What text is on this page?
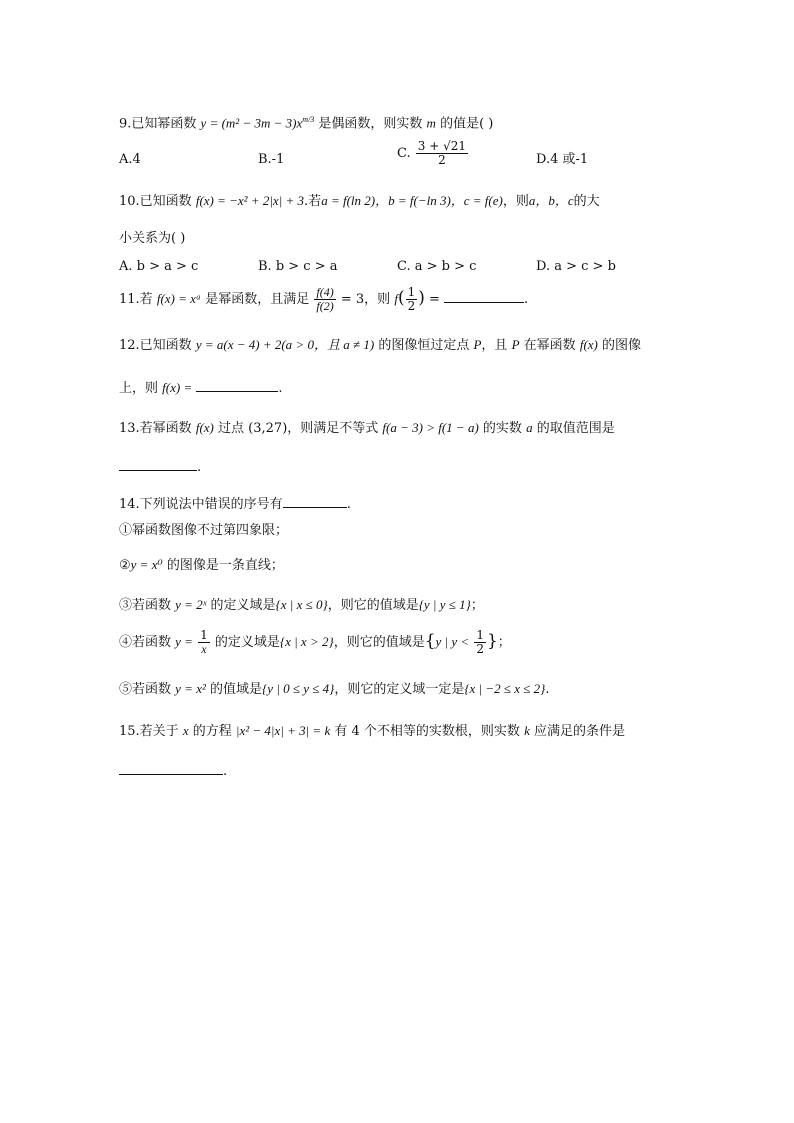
9.已知幂函数 $y = (m^2 - 3m - 3)x^{m/3}$ 是偶函数，则实数 m 的值是( )
A.4	B.-1	C. $\frac{3 + √21}{2}$	D.4 或-1
10.已知函数 f(x) = −x² + 2|x| + 3.若a = f(ln 2)，b = f(−ln 3)，c = f(e)，则a，b，c的大
小关系为( )
A. b > a > c	B. b > c > a	C. a > b > c	D. a > c > b
11.若 f(x) = xᵃ 是幂函数，且满足 $\frac{f(4)}{f(2)} = 3$，则 $f( \frac{1}{2}$ ) =	.
12.已知函数 y = a(x − 4) + 2(a > 0，且 a ≠ 1) 的图像恒过定点 P，且 P 在幂函数 f(x) 的图像
上，则 f(x) =	.
13.若幂函数 f(x) 过点 (3,27)，则满足不等式 f(a − 3) > f(1 − a) 的实数 a 的取值范围是
.
14.下列说法中错误的序号有	.
①幂函数图像不过第四象限；
②y = x⁰ 的图像是一条直线；
③若函数 y = 2ˣ 的定义域是{x | x ≤ 0}，则它的值域是{y | y ≤ 1}；
④若函数 $y = \frac{1}{x}$ 的定义域是{x | x > 2}，则它的值域是{y | $y < \frac{1}{2}$ }；
⑤若函数 y = x² 的值域是{y | 0 ≤ y ≤ 4}，则它的定义域一定是{x | −2 ≤ x ≤ 2}.
15.若关于 x 的方程 |x² − 4|x| + 3| = k 有 4 个不相等的实数根，则实数 k 应满足的条件是
.
